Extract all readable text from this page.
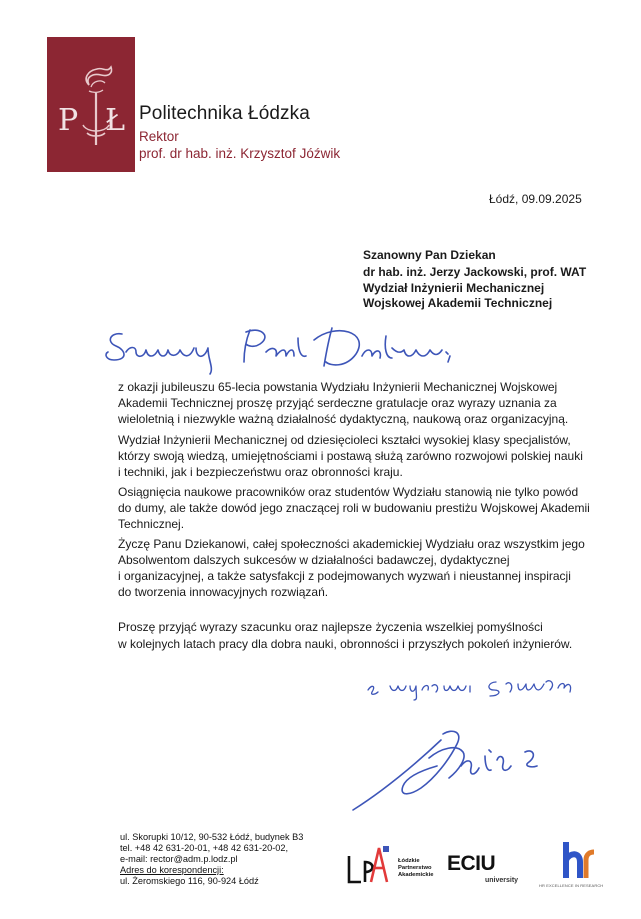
P Ł Politechnika Łódzka
Rektor
prof. dr hab. inż. Krzysztof Jóźwik
Łódź, 09.09.2025
Szanowny Pan Dziekan
dr hab. inż. Jerzy Jackowski, prof. WAT
Wydział Inżynierii Mechanicznej
Wojskowej Akademii Technicznej
z okazji jubileuszu 65-lecia powstania Wydziału Inżynierii Mechanicznej Wojskowej
Akademii Technicznej proszę przyjąć serdeczne gratulacje oraz wyrazy uznania za
wieloletnią i niezwykle ważną działalność dydaktyczną, naukową oraz organizacyjną.
Wydział Inżynierii Mechanicznej od dziesięcioleci kształci wysokiej klasy specjalistów,
którzy swoją wiedzą, umiejętnościami i postawą służą zarówno rozwojowi polskiej nauki
i techniki, jak i bezpieczeństwu oraz obronności kraju.
Osiągnięcia naukowe pracowników oraz studentów Wydziału stanowią nie tylko powód
do dumy, ale także dowód jego znaczącej roli w budowaniu prestiżu Wojskowej Akademii
Technicznej.
Życzę Panu Dziekanowi, całej społeczności akademickiej Wydziału oraz wszystkim jego
Absolwentom dalszych sukcesów w działalności badawczej, dydaktycznej
i organizacyjnej, a także satysfakcji z podejmowanych wyzwań i nieustannej inspiracji
do tworzenia innowacyjnych rozwiązań.
Proszę przyjąć wyrazy szacunku oraz najlepsze życzenia wszelkiej pomyślności
w kolejnych latach pracy dla dobra nauki, obronności i przyszłych pokoleń inżynierów.
ul. Skorupki 10/12, 90-532 Łódź, budynek B3
tel. +48 42 631-20-01, +48 42 631-20-02,
e-mail: rector@adm.p.lodz.pl
Adres do korespondencji:
ul. Żeromskiego 116, 90-924 Łódź
Łódzkie
Partnerstwo
Akademickie ECIU
university
HR EXCELLENCE IN RESEARCH
